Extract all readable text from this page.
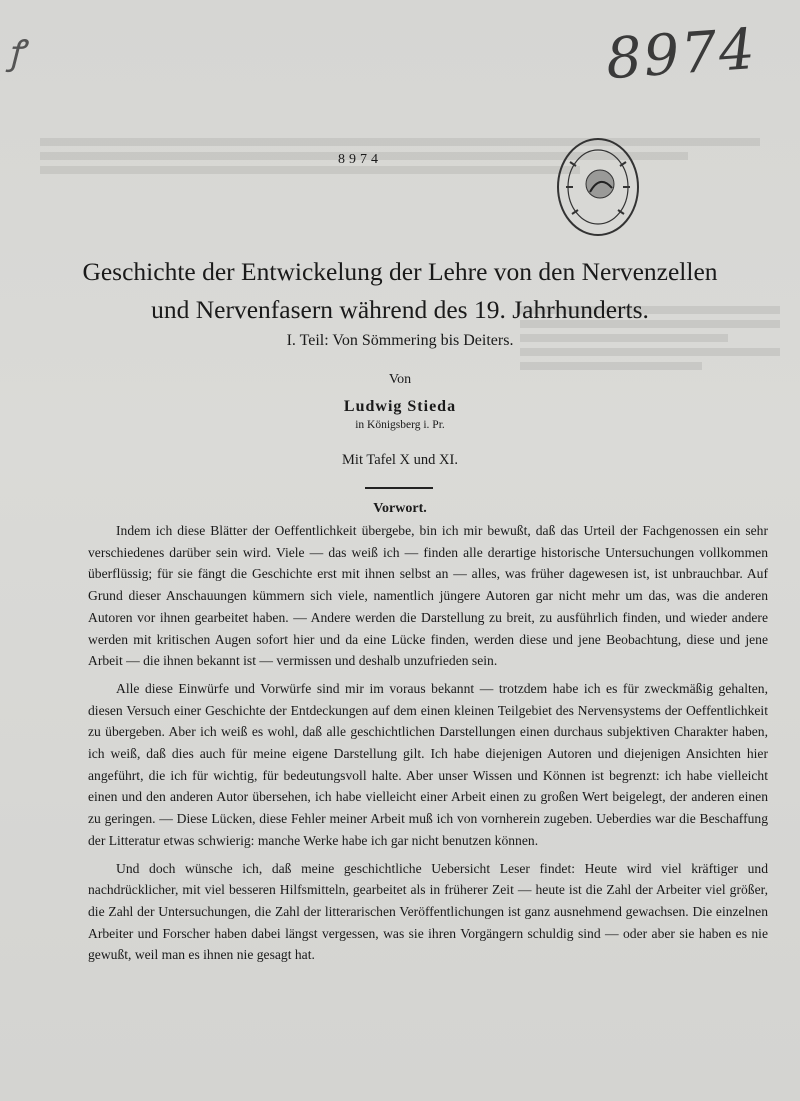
ꝭ	8974
8974
Geschichte der Entwickelung der Lehre von den Nervenzellen
und Nervenfasern während des 19. Jahrhunderts.
I. Teil: Von Sömmering bis Deiters.
Von
Ludwig Stieda
in Königsberg i. Pr.
Mit Tafel X und XI.
Vorwort.

Indem ich diese Blätter der Oeffentlichkeit übergebe, bin ich mir bewußt, daß das Urteil der Fachgenossen ein sehr verschiedenes darüber sein wird. Viele — das weiß ich — finden alle derartige historische Untersuchungen vollkommen überflüssig; für sie fängt die Geschichte erst mit ihnen selbst an — alles, was früher dagewesen ist, ist unbrauchbar. Auf Grund dieser Anschauungen kümmern sich viele, namentlich jüngere Autoren gar nicht mehr um das, was die anderen Autoren vor ihnen gearbeitet haben. — Andere werden die Darstellung zu breit, zu ausführlich finden, und wieder andere werden mit kritischen Augen sofort hier und da eine Lücke finden, werden diese und jene Beobachtung, diese und jene Arbeit — die ihnen bekannt ist — vermissen und deshalb unzufrieden sein.

Alle diese Einwürfe und Vorwürfe sind mir im voraus bekannt — trotzdem habe ich es für zweckmäßig gehalten, diesen Versuch einer Geschichte der Entdeckungen auf dem einen kleinen Teilgebiet des Nervensystems der Oeffentlichkeit zu übergeben. Aber ich weiß es wohl, daß alle geschichtlichen Darstellungen einen durchaus subjektiven Charakter haben, ich weiß, daß dies auch für meine eigene Darstellung gilt. Ich habe diejenigen Autoren und diejenigen Ansichten hier angeführt, die ich für wichtig, für bedeutungsvoll halte. Aber unser Wissen und Können ist begrenzt: ich habe vielleicht einen und den anderen Autor übersehen, ich habe vielleicht einer Arbeit einen zu großen Wert beigelegt, der anderen einen zu geringen. — Diese Lücken, diese Fehler meiner Arbeit muß ich von vornherein zugeben. Ueberdies war die Beschaffung der Litteratur etwas schwierig: manche Werke habe ich gar nicht benutzen können.

Und doch wünsche ich, daß meine geschichtliche Uebersicht Leser findet: Heute wird viel kräftiger und nachdrücklicher, mit viel besseren Hilfsmitteln, gearbeitet als in früherer Zeit — heute ist die Zahl der Arbeiter viel größer, die Zahl der Untersuchungen, die Zahl der litterarischen Veröffentlichungen ist ganz ausnehmend gewachsen. Die einzelnen Arbeiter und Forscher haben dabei längst vergessen, was sie ihren Vorgängern schuldig sind — oder aber sie haben es nie gewußt, weil man es ihnen nie gesagt hat.
